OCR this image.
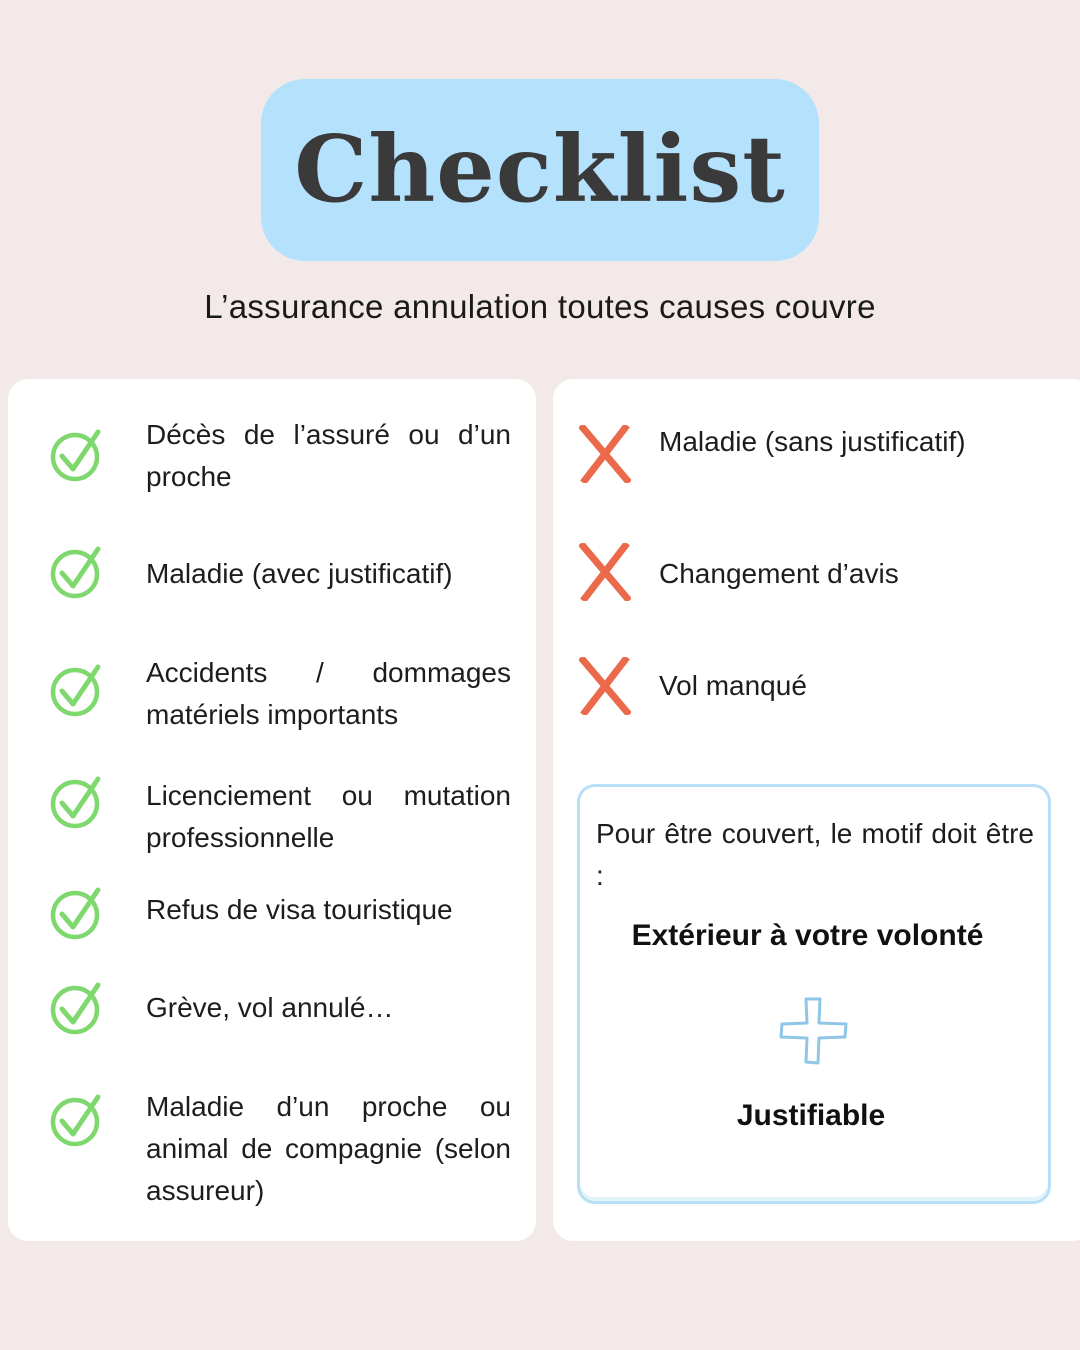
Checklist
L’assurance annulation toutes causes couvre
Décès de l’assuré ou d’un proche
Maladie (avec justificatif)
Accidents / dommages matériels importants
Licenciement ou mutation professionnelle
Refus de visa touristique
Grève, vol annulé…
Maladie d’un proche ou animal de compagnie (selon assureur)
Maladie (sans justificatif)
Changement d’avis
Vol manqué
Pour être couvert, le motif doit être :
Extérieur à votre volonté
Justifiable
